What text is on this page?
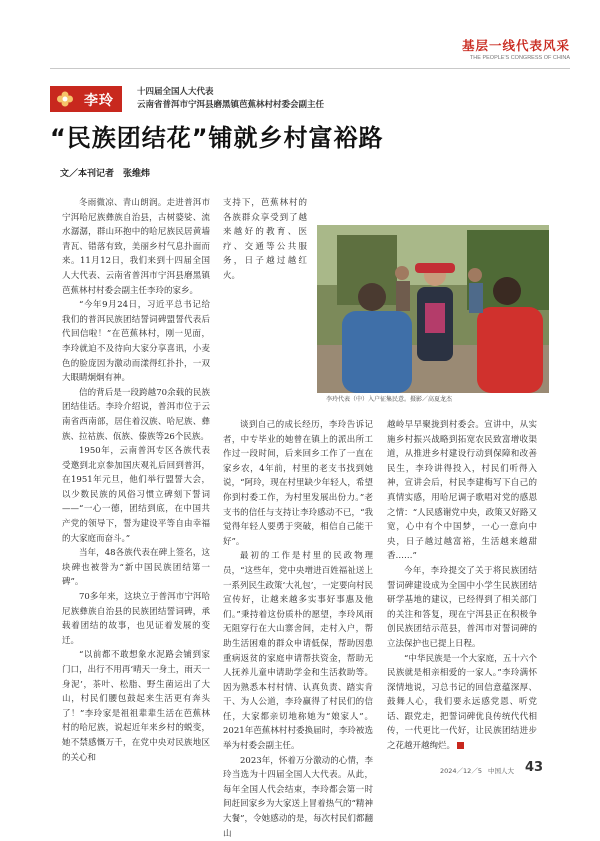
基层一线代表风采
THE PEOPLE'S CONGRESS OF CHINA
李玲
十四届全国人大代表
云南省普洱市宁洱县磨黑镇芭蕉林村村委会副主任
“民族团结花”铺就乡村富裕路
文／本刊记者　张维炜

冬雨微凉、青山朗润。走进普洱市宁洱哈尼族彝族自治县，古树婆娑、流水潺潺，群山环抱中的哈尼族民居黄墙青瓦、错落有致，美丽乡村气息扑面而来。11月12日，我们来到十四届全国人大代表、云南省普洱市宁洱县磨黑镇芭蕉林村村委会副主任李玲的家乡。

“今年9月24日，习近平总书记给我们的普洱民族团结誓词碑盟誓代表后代回信啦！”在芭蕉林村，刚一见面，李玲就迫不及待向大家分享喜讯，小麦色的脸庞因为激动而漾得红扑扑，一双大眼睛炯炯有神。

信的背后是一段跨越70余载的民族团结佳话。李玲介绍说，普洱市位于云南省西南部，居住着汉族、哈尼族、彝族、拉祜族、佤族、傣族等26个民族。

1950年，云南普洱专区各族代表受邀到北京参加国庆观礼后回到普洱，在1951年元旦，他们举行盟誓大会，以少数民族的风俗习惯立碑刻下誓词——“一心一德，团结到底，在中国共产党的领导下，誓为建设平等自由幸福的大家庭而奋斗。”

当年，48各族代表在碑上签名，这块碑也被誉为“新中国民族团结第一碑”。

70多年来，这块立于普洱市宁洱哈尼族彝族自治县的民族团结誓词碑，承载着团结的故事，也见证着发展的变迁。

“以前都不敢想象水泥路会铺到家门口，出行不用再‘晴天一身土，雨天一身泥’，茶叶、松脂、野生菌运出了大山，村民们腰包鼓起来生活更有奔头了！”李玲家是祖祖辈辈生活在芭蕉林村的哈尼族，说起近年来乡村的蜕变，她不禁感慨万千，在党中央对民族地区的关心和

支持下，芭蕉林村的各族群众享受到了越来越好的教育、医疗、交通等公共服务，日子越过越红火。

李玲代表（中）入户征集民意。摄影／高夏龙杰

谈到自己的成长经历，李玲告诉记者，中专毕业的她曾在镇上的派出所工作过一段时间，后来回乡工作了一直在家乡农，4年前，村里的老支书找到她说，“阿玲，现在村里缺少年轻人，希望你到村委工作，为村里发展出份力。”老支书的信任与支持让李玲感动不已，“我觉得年轻人要勇于突破，相信自己能干好”。

最初的工作是村里的民政物理员，“这些年，党中央增进百姓福祉送上一系列民生政策‘大礼包’，一定要向村民宣传好，让越来越多实事好事惠及他们。”秉持着这份质朴的愿望，李玲风雨无阻穿行在大山寨舍间，走村入户，帮助生活困难的群众申请低保，帮助因患重病返贫的家庭申请帮扶资金，帮助无人抚养儿童申请助学金和生活救助等。因为熟悉本村村情、认真负责、踏实肯干、为人公道，李玲赢得了村民们的信任，大家都亲切地称她为“娘家人”。2021年芭蕉林村村委换届时，李玲被选举为村委会副主任。

2023年，怀着万分激动的心情，李玲当选为十四届全国人大代表。从此，每年全国人代会结束，李玲都会第一时间赶回家乡为大家送上冒着热气的“精神大餐”，令她感动的是，每次村民们都翻山

越岭早早聚拢到村委会。宣讲中，从实施乡村振兴战略到拓宽农民致富增收渠道，从推进乡村建设行动到保障和改善民生，李玲讲得投入，村民们听得入神，宣讲会后，村民李建梅写下自己的真情实感，用哈尼调子歌唱对党的感恩之情：“人民感谢党中央，政策又好路又宽，心中有个中国梦，一心一意向中央，日子越过越富裕，生活越来越甜香……”

今年，李玲提交了关于将民族团结誓词碑建设成为全国中小学生民族团结研学基地的建议，已经得到了相关部门的关注和答复，现在宁洱县正在积极争创民族团结示范县，普洱市对誓词碑的立法保护也已提上日程。

“中华民族是一个大家庭，五十六个民族就是相亲相爱的一家人。”李玲满怀深情地说，习总书记的回信意蕴深厚、鼓舞人心，我们要永远感党恩、听党话、跟党走，把誓词碑优良传统代代相传，一代更比一代好，让民族团结进步之花越开越绚烂。

2024／12／5 中国人大 43
